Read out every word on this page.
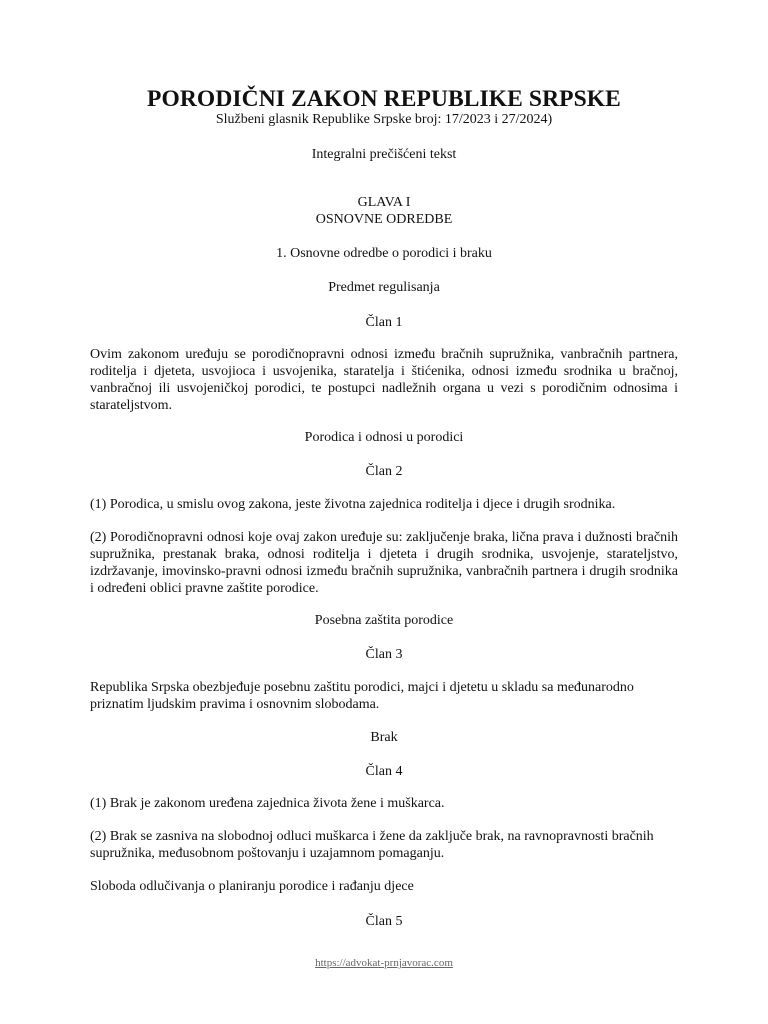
PORODIČNI ZAKON REPUBLIKE SRPSKE

Službeni glasnik Republike Srpske broj: 17/2023 i 27/2024)

Integralni prečišćeni tekst

GLAVA I

OSNOVNE ODREDBE

1. Osnovne odredbe o porodici i braku

Predmet regulisanja

Član 1

Ovim zakonom uređuju se porodičnopravni odnosi između bračnih supružnika, vanbračnih partnera, roditelja i djeteta, usvojioca i usvojenika, staratelja i štićenika, odnosi između srodnika u bračnoj, vanbračnoj ili usvojeničkoj porodici, te postupci nadležnih organa u vezi s porodičnim odnosima i starateljstvom.

Porodica i odnosi u porodici

Član 2

(1) Porodica, u smislu ovog zakona, jeste životna zajednica roditelja i djece i drugih srodnika.

(2) Porodičnopravni odnosi koje ovaj zakon uređuje su: zaključenje braka, lična prava i dužnosti bračnih supružnika, prestanak braka, odnosi roditelja i djeteta i drugih srodnika, usvojenje, starateljstvo, izdržavanje, imovinsko-pravni odnosi između bračnih supružnika, vanbračnih partnera i drugih srodnika i određeni oblici pravne zaštite porodice.

Posebna zaštita porodice

Član 3

Republika Srpska obezbjeđuje posebnu zaštitu porodici, majci i djetetu u skladu sa međunarodno priznatim ljudskim pravima i osnovnim slobodama.

Brak

Član 4

(1) Brak je zakonom uređena zajednica života žene i muškarca.

(2) Brak se zasniva na slobodnoj odluci muškarca i žene da zaključe brak, na ravnopravnosti bračnih supružnika, međusobnom poštovanju i uzajamnom pomaganju.

Sloboda odlučivanja o planiranju porodice i rađanju djece

Član 5

https://advokat-prnjavorac.com
